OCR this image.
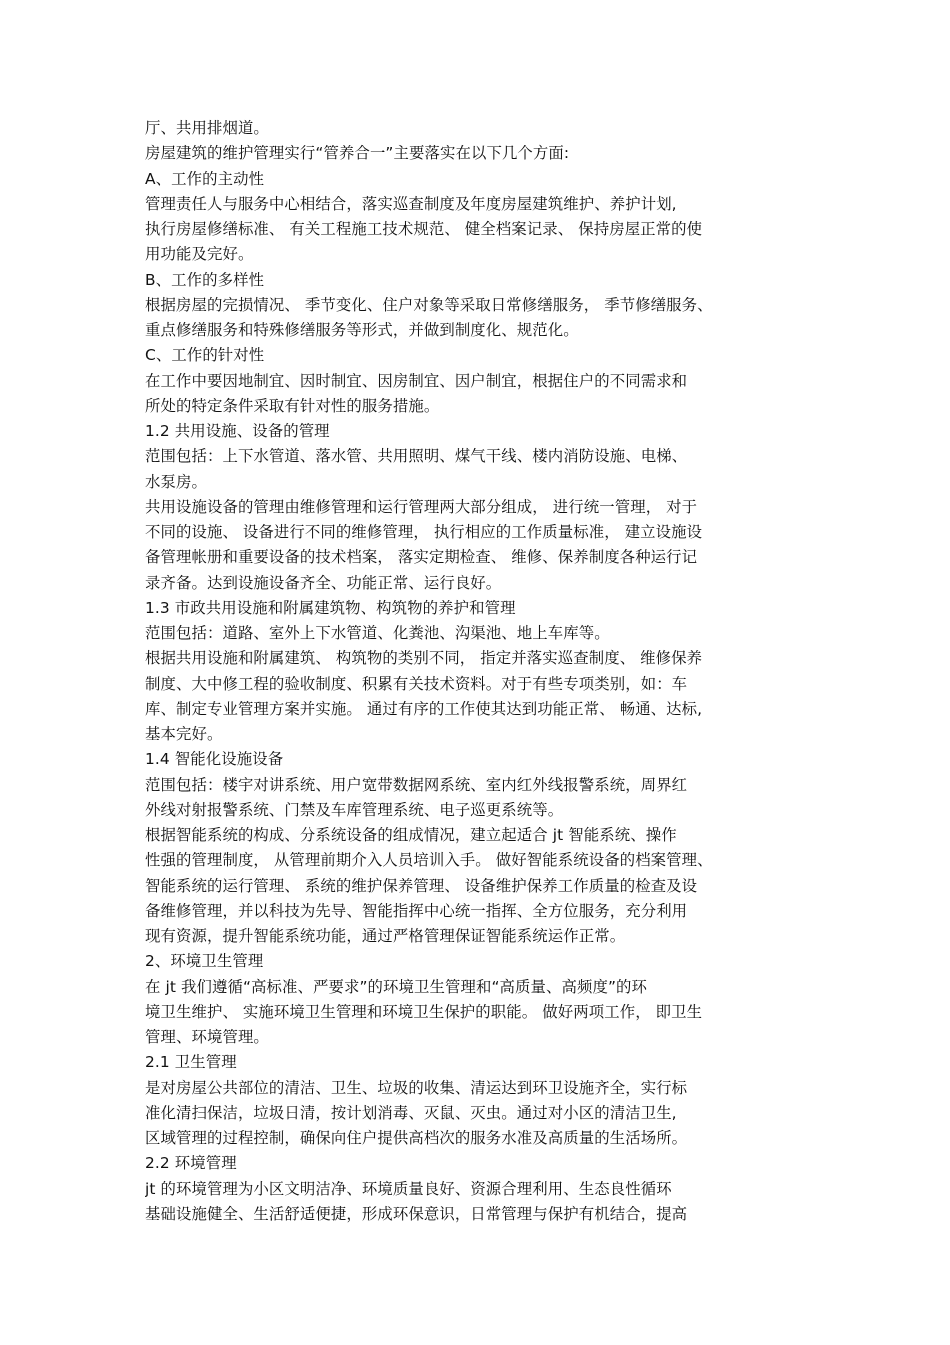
厅、共用排烟道。
房屋建筑的维护管理实行“管养合一”主要落实在以下几个方面:
A、工作的主动性
管理责任人与服务中心相结合，落实巡查制度及年度房屋建筑维护、养护计划,
执行房屋修缮标准、 有关工程施工技术规范、 健全档案记录、 保持房屋正常的使
用功能及完好。
B、工作的多样性
根据房屋的完损情况、 季节变化、住户对象等采取日常修缮服务， 季节修缮服务、
重点修缮服务和特殊修缮服务等形式，并做到制度化、规范化。
C、工作的针对性
在工作中要因地制宜、因时制宜、因房制宜、因户制宜，根据住户的不同需求和
所处的特定条件采取有针对性的服务措施。
1.2 共用设施、设备的管理
范围包括：上下水管道、落水管、共用照明、煤气干线、楼内消防设施、电梯、
水泵房。
共用设施设备的管理由维修管理和运行管理两大部分组成， 进行统一管理， 对于
不同的设施、 设备进行不同的维修管理， 执行相应的工作质量标准， 建立设施设
备管理帐册和重要设备的技术档案， 落实定期检查、 维修、保养制度各种运行记
录齐备。达到设施设备齐全、功能正常、运行良好。
1.3 市政共用设施和附属建筑物、构筑物的养护和管理
范围包括：道路、室外上下水管道、化粪池、沟渠池、地上车库等。
根据共用设施和附属建筑、 构筑物的类别不同， 指定并落实巡查制度、 维修保养
制度、大中修工程的验收制度、积累有关技术资料。对于有些专项类别，如：车
库、制定专业管理方案并实施。 通过有序的工作使其达到功能正常、 畅通、达标,
基本完好。
1.4 智能化设施设备
范围包括：楼宇对讲系统、用户宽带数据网系统、室内红外线报警系统，周界红
外线对射报警系统、门禁及车库管理系统、电子巡更系统等。
根据智能系统的构成、分系统设备的组成情况，建立起适合 jt 智能系统、操作
性强的管理制度， 从管理前期介入人员培训入手。 做好智能系统设备的档案管理、
智能系统的运行管理、 系统的维护保养管理、 设备维护保养工作质量的检查及设
备维修管理，并以科技为先导、智能指挥中心统一指挥、全方位服务，充分利用
现有资源，提升智能系统功能，通过严格管理保证智能系统运作正常。
2、环境卫生管理
在 jt 我们遵循“高标准、严要求”的环境卫生管理和“高质量、高频度”的环
境卫生维护、 实施环境卫生管理和环境卫生保护的职能。 做好两项工作， 即卫生
管理、环境管理。
2.1 卫生管理
是对房屋公共部位的清洁、卫生、垃圾的收集、清运达到环卫设施齐全，实行标
准化清扫保洁，垃圾日清，按计划消毒、灭鼠、灭虫。通过对小区的清洁卫生,
区域管理的过程控制，确保向住户提供高档次的服务水准及高质量的生活场所。
2.2 环境管理
jt 的环境管理为小区文明洁净、环境质量良好、资源合理利用、生态良性循环
基础设施健全、生活舒适便捷，形成环保意识，日常管理与保护有机结合，提高
